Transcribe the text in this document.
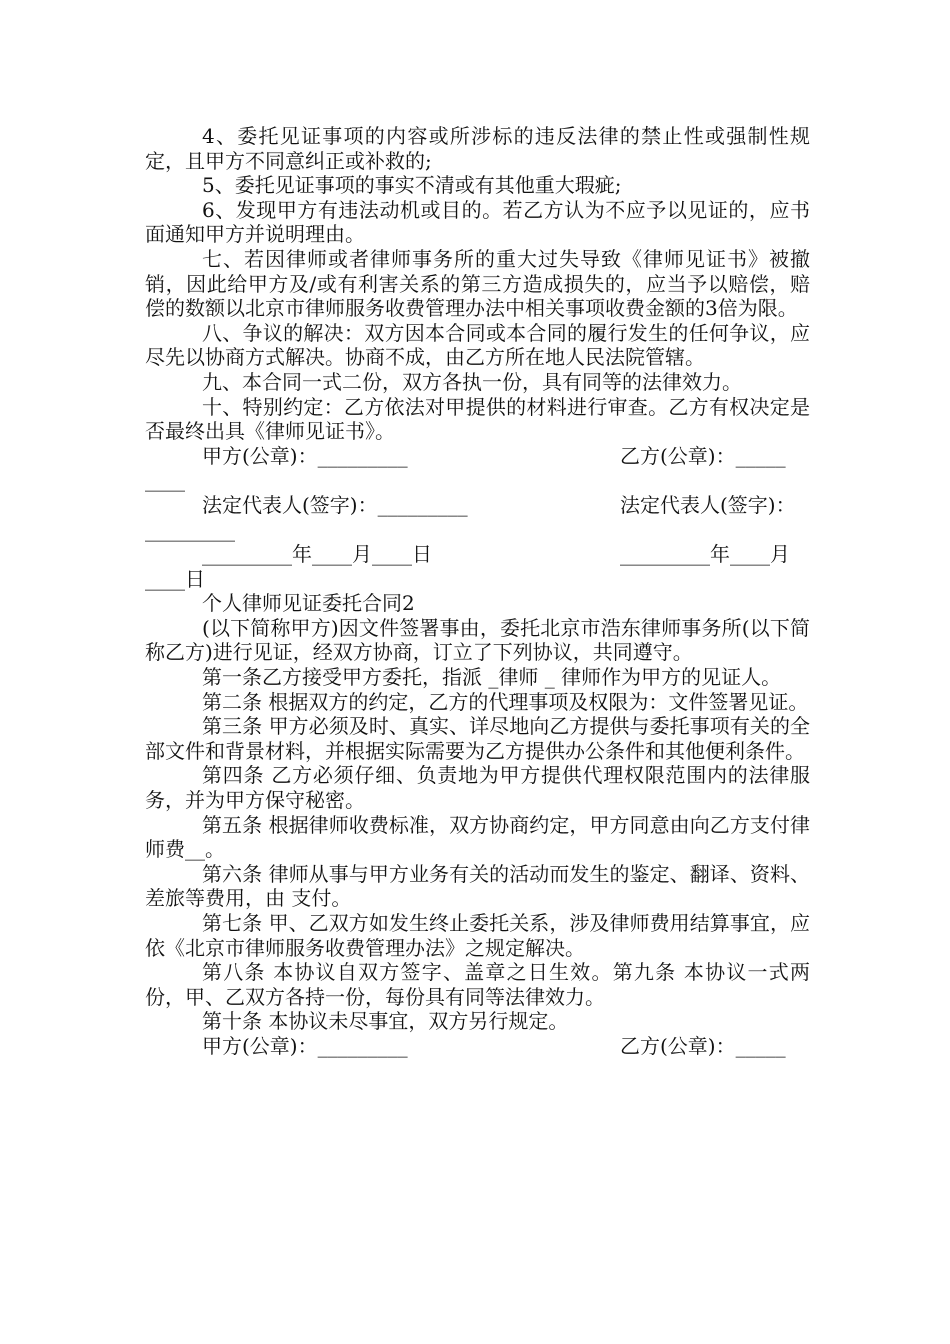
4、委托见证事项的内容或所涉标的违反法律的禁止性或强制性规定，且甲方不同意纠正或补救的;

5、委托见证事项的事实不清或有其他重大瑕疵;

6、发现甲方有违法动机或目的。若乙方认为不应予以见证的，应书面通知甲方并说明理由。

七、若因律师或者律师事务所的重大过失导致《律师见证书》被撤销，因此给甲方及/或有利害关系的第三方造成损失的，应当予以赔偿，赔偿的数额以北京市律师服务收费管理办法中相关事项收费金额的3倍为限。

八、争议的解决：双方因本合同或本合同的履行发生的任何争议，应尽先以协商方式解决。协商不成，由乙方所在地人民法院管辖。

九、本合同一式二份，双方各执一份，具有同等的法律效力。

十、特别约定：乙方依法对甲提供的材料进行审查。乙方有权决定是否最终出具《律师见证书》。

甲方(公章)：_________

	乙方(公章)：_____

____

法定代表人(签字)：_________

	法定代表人(签字)：

_________

_________年____月____日

	_________年____月

____日

个人律师见证委托合同2

(以下简称甲方)因文件签署事由，委托北京市浩东律师事务所(以下简称乙方)进行见证，经双方协商，订立了下列协议，共同遵守。

第一条乙方接受甲方委托，指派 _律师 _ 律师作为甲方的见证人。

第二条 根据双方的约定，乙方的代理事项及权限为：文件签署见证。

第三条 甲方必须及时、真实、详尽地向乙方提供与委托事项有关的全部文件和背景材料，并根据实际需要为乙方提供办公条件和其他便利条件。

第四条 乙方必须仔细、负责地为甲方提供代理权限范围内的法律服务，并为甲方保守秘密。

第五条 根据律师收费标准，双方协商约定，甲方同意由向乙方支付律师费__。

第六条 律师从事与甲方业务有关的活动而发生的鉴定、翻译、资料、差旅等费用，由 支付。

第七条 甲、乙双方如发生终止委托关系，涉及律师费用结算事宜，应依《北京市律师服务收费管理办法》之规定解决。

第八条 本协议自双方签字、盖章之日生效。第九条 本协议一式两份，甲、乙双方各持一份，每份具有同等法律效力。

第十条 本协议未尽事宜，双方另行规定。

甲方(公章)：_________

	乙方(公章)：_____
